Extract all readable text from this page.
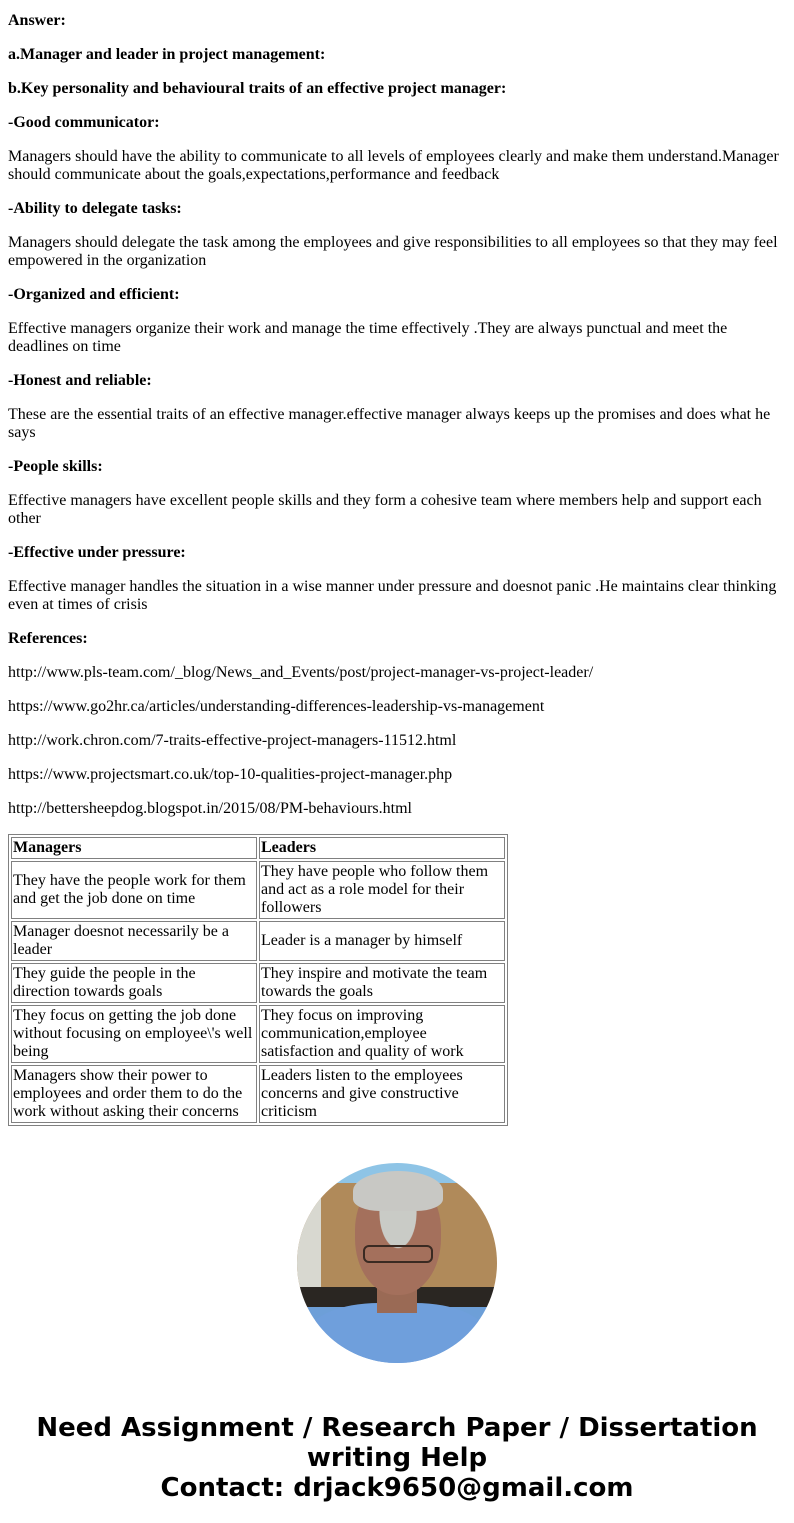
Answer:

a.Manager and leader in project management:

b.Key personality and behavioural traits of an effective project manager:

-Good communicator:

Managers should have the ability to communicate to all levels of employees clearly and make them understand.Manager should communicate about the goals,expectations,performance and feedback

-Ability to delegate tasks:

Managers should delegate the task among the employees and give responsibilities to all employees so that they may feel empowered in the organization

-Organized and efficient:

Effective managers organize their work and manage the time effectively .They are always punctual and meet the deadlines on time

-Honest and reliable:

These are the essential traits of an effective manager.effective manager always keeps up the promises and does what he says

-People skills:

Effective managers have excellent people skills and they form a cohesive team where members help and support each other

-Effective under pressure:

Effective manager handles the situation in a wise manner under pressure and doesnot panic .He maintains clear thinking even at times of crisis

References:

http://www.pls-team.com/_blog/News_and_Events/post/project-manager-vs-project-leader/

https://www.go2hr.ca/articles/understanding-differences-leadership-vs-management

http://work.chron.com/7-traits-effective-project-managers-11512.html

https://www.projectsmart.co.uk/top-10-qualities-project-manager.php

http://bettersheepdog.blogspot.in/2015/08/PM-behaviours.html

Managers	Leaders
They have the people work for them and get the job done on time	They have people who follow them and act as a role model for their followers
Manager doesnot necessarily be a leader	Leader is a manager by himself
They guide the people in the direction towards goals	They inspire and motivate the team towards the goals
They focus on getting the job done without focusing on employee\'s well being	They focus on improving communication,employee satisfaction and quality of work
Managers show their power to employees and order them to do the work without asking their concerns	Leaders listen to the employees concerns and give constructive criticism
Need Assignment / Research Paper / Dissertation writing Help
Contact: drjack9650@gmail.com
